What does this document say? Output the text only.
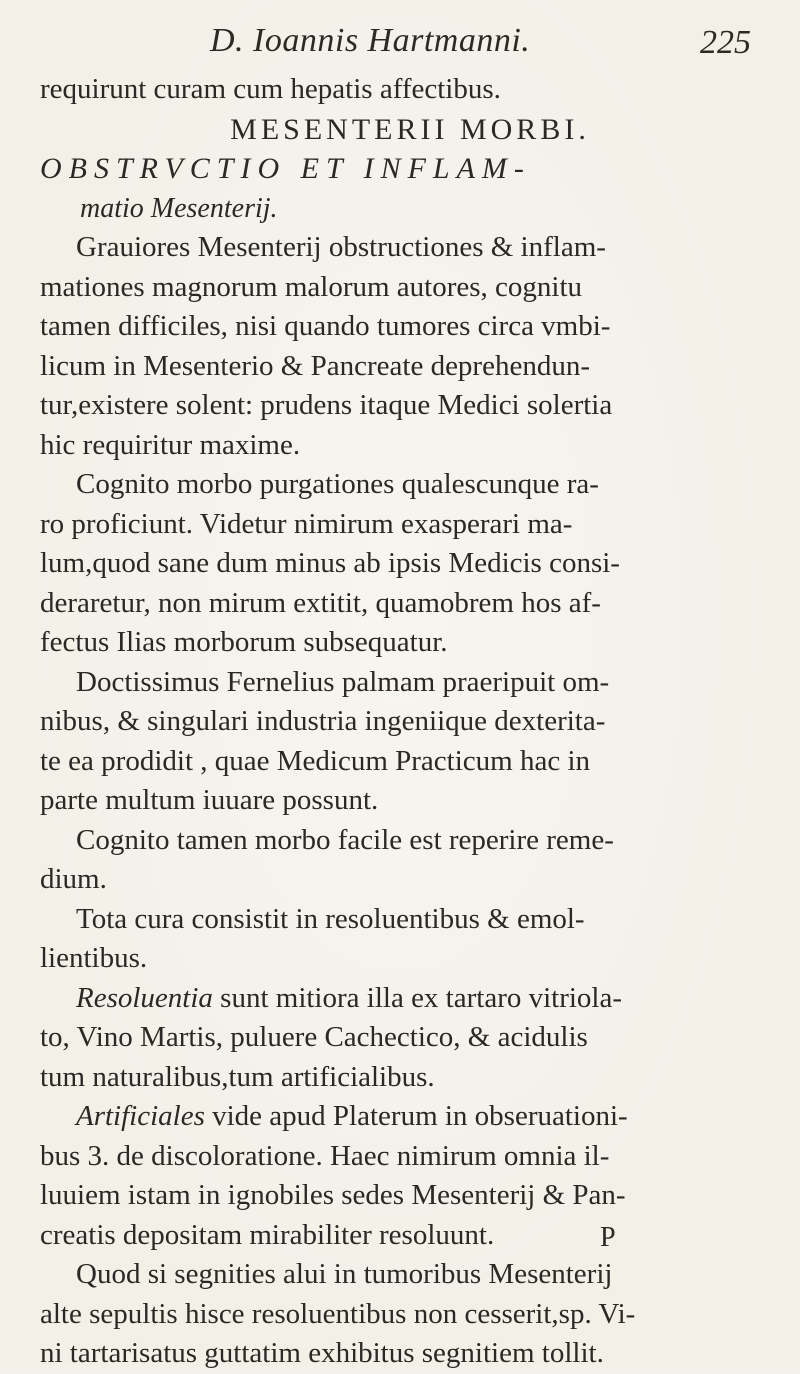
D. Ioannis Hartmanni.	225
requirunt curam cum hepatis affectibus.
MESENTERII MORBI.
OBSTRVCTIO ET INFLAM-
matio Mesenterij.
Grauiores Mesenterij obstructiones & inflam-
mationes magnorum malorum autores, cognitu
tamen difficiles, nisi quando tumores circa vmbi-
licum in Mesenterio & Pancreate deprehendun-
tur,existere solent: prudens itaque Medici solertia
hic requiritur maxime.
Cognito morbo purgationes qualescunque ra-
ro proficiunt. Videtur nimirum exasperari ma-
lum,quod sane dum minus ab ipsis Medicis consi-
deraretur, non mirum extitit, quamobrem hos af-
fectus Ilias morborum subsequatur.
Doctissimus Fernelius palmam praeripuit om-
nibus, & singulari industria ingeniique dexterita-
te ea prodidit , quae Medicum Practicum hac in
parte multum iuuare possunt.
Cognito tamen morbo facile est reperire reme-
dium.
Tota cura consistit in resoluentibus & emol-
lientibus.
Resoluentia sunt mitiora illa ex tartaro vitriola-
to, Vino Martis, puluere Cachectico, & acidulis
tum naturalibus,tum artificialibus.
Artificiales vide apud Platerum in obseruationi-
bus 3. de discoloratione. Haec nimirum omnia il-
luuiem istam in ignobiles sedes Mesenterij & Pan-
creatis depositam mirabiliter resoluunt.
Quod si segnities alui in tumoribus Mesenterij
alte sepultis hisce resoluentibus non cesserit,sp. Vi-
ni tartarisatus guttatim exhibitus segnitiem tollit.
P
